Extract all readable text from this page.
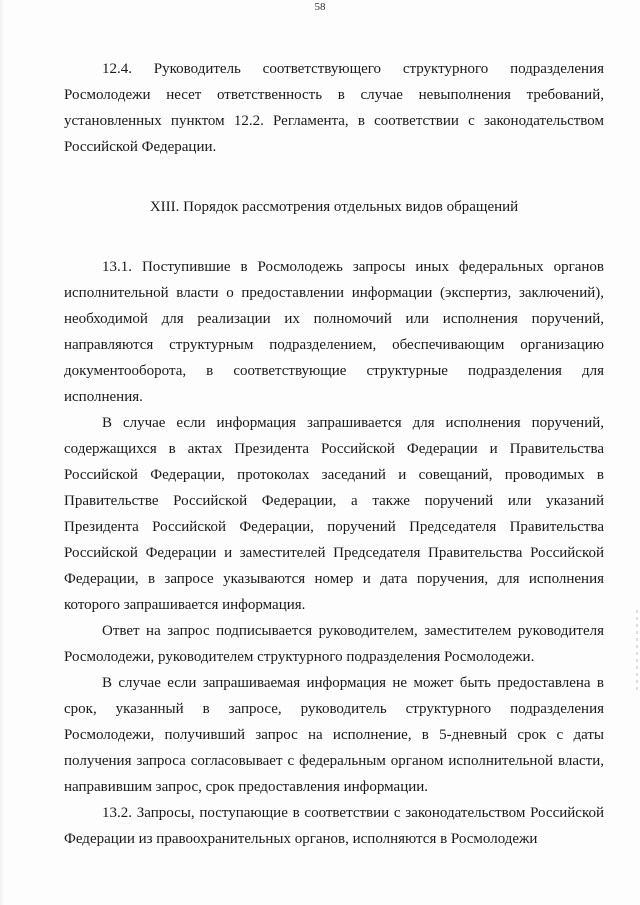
58

12.4. Руководитель соответствующего структурного подразделения Росмолодежи несет ответственность в случае невыполнения требований, установленных пунктом 12.2. Регламента, в соответствии с законодательством Российской Федерации.

XIII. Порядок рассмотрения отдельных видов обращений

13.1. Поступившие в Росмолодежь запросы иных федеральных органов исполнительной власти о предоставлении информации (экспертиз, заключений), необходимой для реализации их полномочий или исполнения поручений, направляются структурным подразделением, обеспечивающим организацию документооборота, в соответствующие структурные подразделения для исполнения.

В случае если информация запрашивается для исполнения поручений, содержащихся в актах Президента Российской Федерации и Правительства Российской Федерации, протоколах заседаний и совещаний, проводимых в Правительстве Российской Федерации, а также поручений или указаний Президента Российской Федерации, поручений Председателя Правительства Российской Федерации и заместителей Председателя Правительства Российской Федерации, в запросе указываются номер и дата поручения, для исполнения которого запрашивается информация.

Ответ на запрос подписывается руководителем, заместителем руководителя Росмолодежи, руководителем структурного подразделения Росмолодежи.

В случае если запрашиваемая информация не может быть предоставлена в срок, указанный в запросе, руководитель структурного подразделения Росмолодежи, получивший запрос на исполнение, в 5-дневный срок с даты получения запроса согласовывает с федеральным органом исполнительной власти, направившим запрос, срок предоставления информации.

13.2. Запросы, поступающие в соответствии с законодательством Российской Федерации из правоохранительных органов, исполняются в Росмолодежи
